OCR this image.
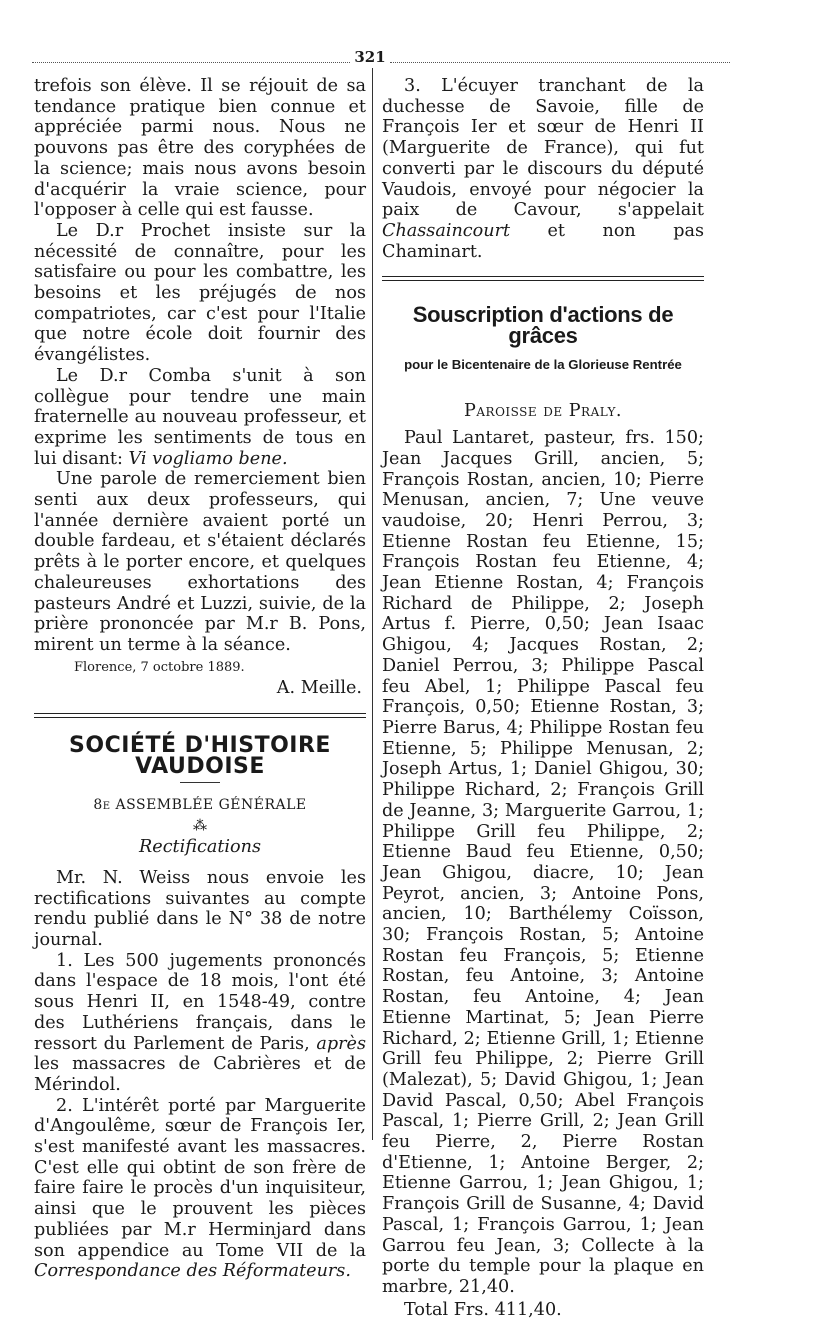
321

trefois son élève. Il se réjouit de sa tendance pratique bien connue et appréciée parmi nous. Nous ne pouvons pas être des coryphées de la science; mais nous avons besoin d'acquérir la vraie science, pour l'opposer à celle qui est fausse.

Le D.r Prochet insiste sur la nécessité de connaître, pour les satisfaire ou pour les combattre, les besoins et les préjugés de nos compatriotes, car c'est pour l'Italie que notre école doit fournir des évangélistes.

Le D.r Comba s'unit à son collègue pour tendre une main fraternelle au nouveau professeur, et exprime les sentiments de tous en lui disant: Vi vogliamo bene.

Une parole de remerciement bien senti aux deux professeurs, qui l'année dernière avaient porté un double fardeau, et s'étaient déclarés prêts à le porter encore, et quelques chaleureuses exhortations des pasteurs André et Luzzi, suivie, de la prière prononcée par M.r B. Pons, mirent un terme à la séance.

Florence, 7 octobre 1889.
A. Meille.
SOCIÉTÉ D'HISTOIRE VAUDOISE
8e ASSEMBLÉE GÉNÉRALE
⁂
Rectifications

Mr. N. Weiss nous envoie les rectifications suivantes au compte rendu publié dans le N° 38 de notre journal.

1. Les 500 jugements prononcés dans l'espace de 18 mois, l'ont été sous Henri II, en 1548-49, contre des Luthériens français, dans le ressort du Parlement de Paris, après les massacres de Cabrières et de Mérindol.

2. L'intérêt porté par Marguerite d'Angoulême, sœur de François Ier, s'est manifesté avant les massacres. C'est elle qui obtint de son frère de faire faire le procès d'un inquisiteur, ainsi que le prouvent les pièces publiées par M.r Herminjard dans son appendice au Tome VII de la Correspondance des Réformateurs.

3. L'écuyer tranchant de la duchesse de Savoie, fille de François Ier et sœur de Henri II (Marguerite de France), qui fut converti par le discours du député Vaudois, envoyé pour négocier la paix de Cavour, s'appelait Chassaincourt et non pas Chaminart.

Souscription d'actions de grâces
pour le Bicentenaire de la Glorieuse Rentrée
Paroisse de Praly.

Paul Lantaret, pasteur, frs. 150; Jean Jacques Grill, ancien, 5; François Rostan, ancien, 10; Pierre Menusan, ancien, 7; Une veuve vaudoise, 20; Henri Perrou, 3; Etienne Rostan feu Etienne, 15; François Rostan feu Etienne, 4; Jean Etienne Rostan, 4; François Richard de Philippe, 2; Joseph Artus f. Pierre, 0,50; Jean Isaac Ghigou, 4; Jacques Rostan, 2; Daniel Perrou, 3; Philippe Pascal feu Abel, 1; Philippe Pascal feu François, 0,50; Etienne Rostan, 3; Pierre Barus, 4; Philippe Rostan feu Etienne, 5; Philippe Menusan, 2; Joseph Artus, 1; Daniel Ghigou, 30; Philippe Richard, 2; François Grill de Jeanne, 3; Marguerite Garrou, 1; Philippe Grill feu Philippe, 2; Etienne Baud feu Etienne, 0,50; Jean Ghigou, diacre, 10; Jean Peyrot, ancien, 3; Antoine Pons, ancien, 10; Barthélemy Coïsson, 30; François Rostan, 5; Antoine Rostan feu François, 5; Etienne Rostan, feu Antoine, 3; Antoine Rostan, feu Antoine, 4; Jean Etienne Martinat, 5; Jean Pierre Richard, 2; Etienne Grill, 1; Etienne Grill feu Philippe, 2; Pierre Grill (Malezat), 5; David Ghigou, 1; Jean David Pascal, 0,50; Abel François Pascal, 1; Pierre Grill, 2; Jean Grill feu Pierre, 2, Pierre Rostan d'Etienne, 1; Antoine Berger, 2; Etienne Garrou, 1; Jean Ghigou, 1; François Grill de Susanne, 4; David Pascal, 1; François Garrou, 1; Jean Garrou feu Jean, 3; Collecte à la porte du temple pour la plaque en marbre, 21,40.

Total Frs. 411,40.
